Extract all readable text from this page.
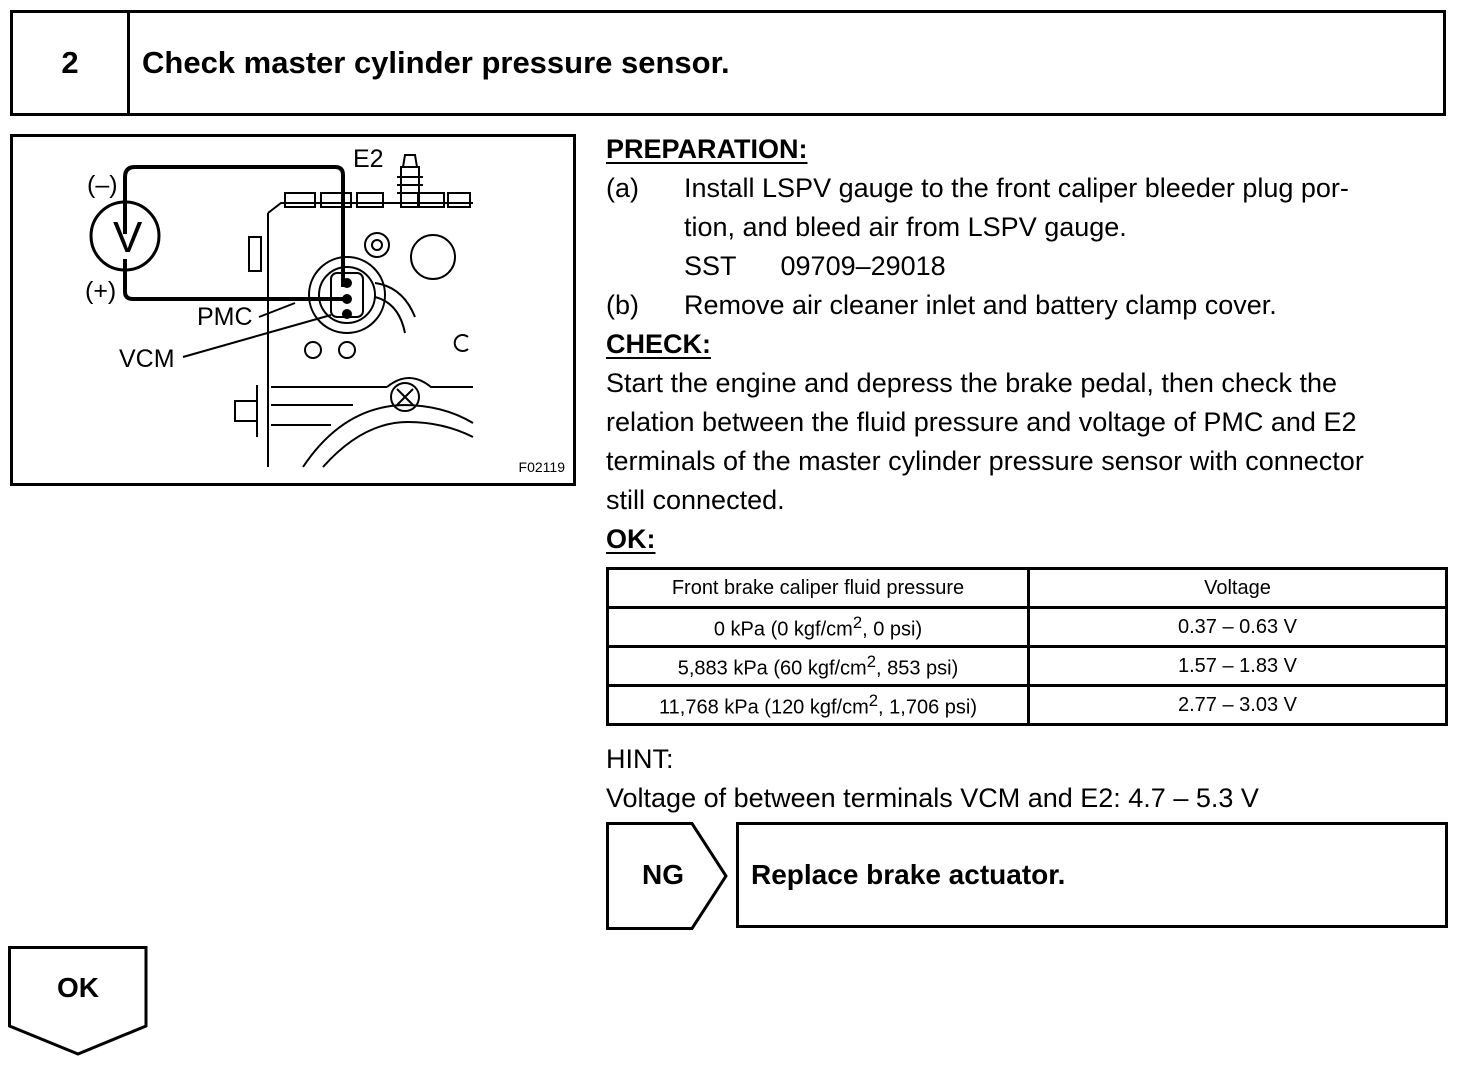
2	Check master cylinder pressure sensor.
(–)
(+)
V
E2
PMC
VCM
F02119
PREPARATION:
(a)	Install LSPV gauge to the front caliper bleeder plug por-
tion, and bleed air from LSPV gauge.
SST 09709–29018
(b)	Remove air cleaner inlet and battery clamp cover.
CHECK:
Start the engine and depress the brake pedal, then check the
relation between the fluid pressure and voltage of PMC and E2
terminals of the master cylinder pressure sensor with connector
still connected.
OK:
Front brake caliper fluid pressure	Voltage
0 kPa (0 kgf/$cm^2$, 0 psi)	0.37 – 0.63 V
5,883 kPa (60 kgf/$cm^2$, 853 psi)	1.57 – 1.83 V
11,768 kPa (120 kgf/$cm^2$, 1,706 psi)	2.77 – 3.03 V
HINT:
Voltage of between terminals VCM and E2: 4.7 – 5.3 V
NG	Replace brake actuator.
OK
